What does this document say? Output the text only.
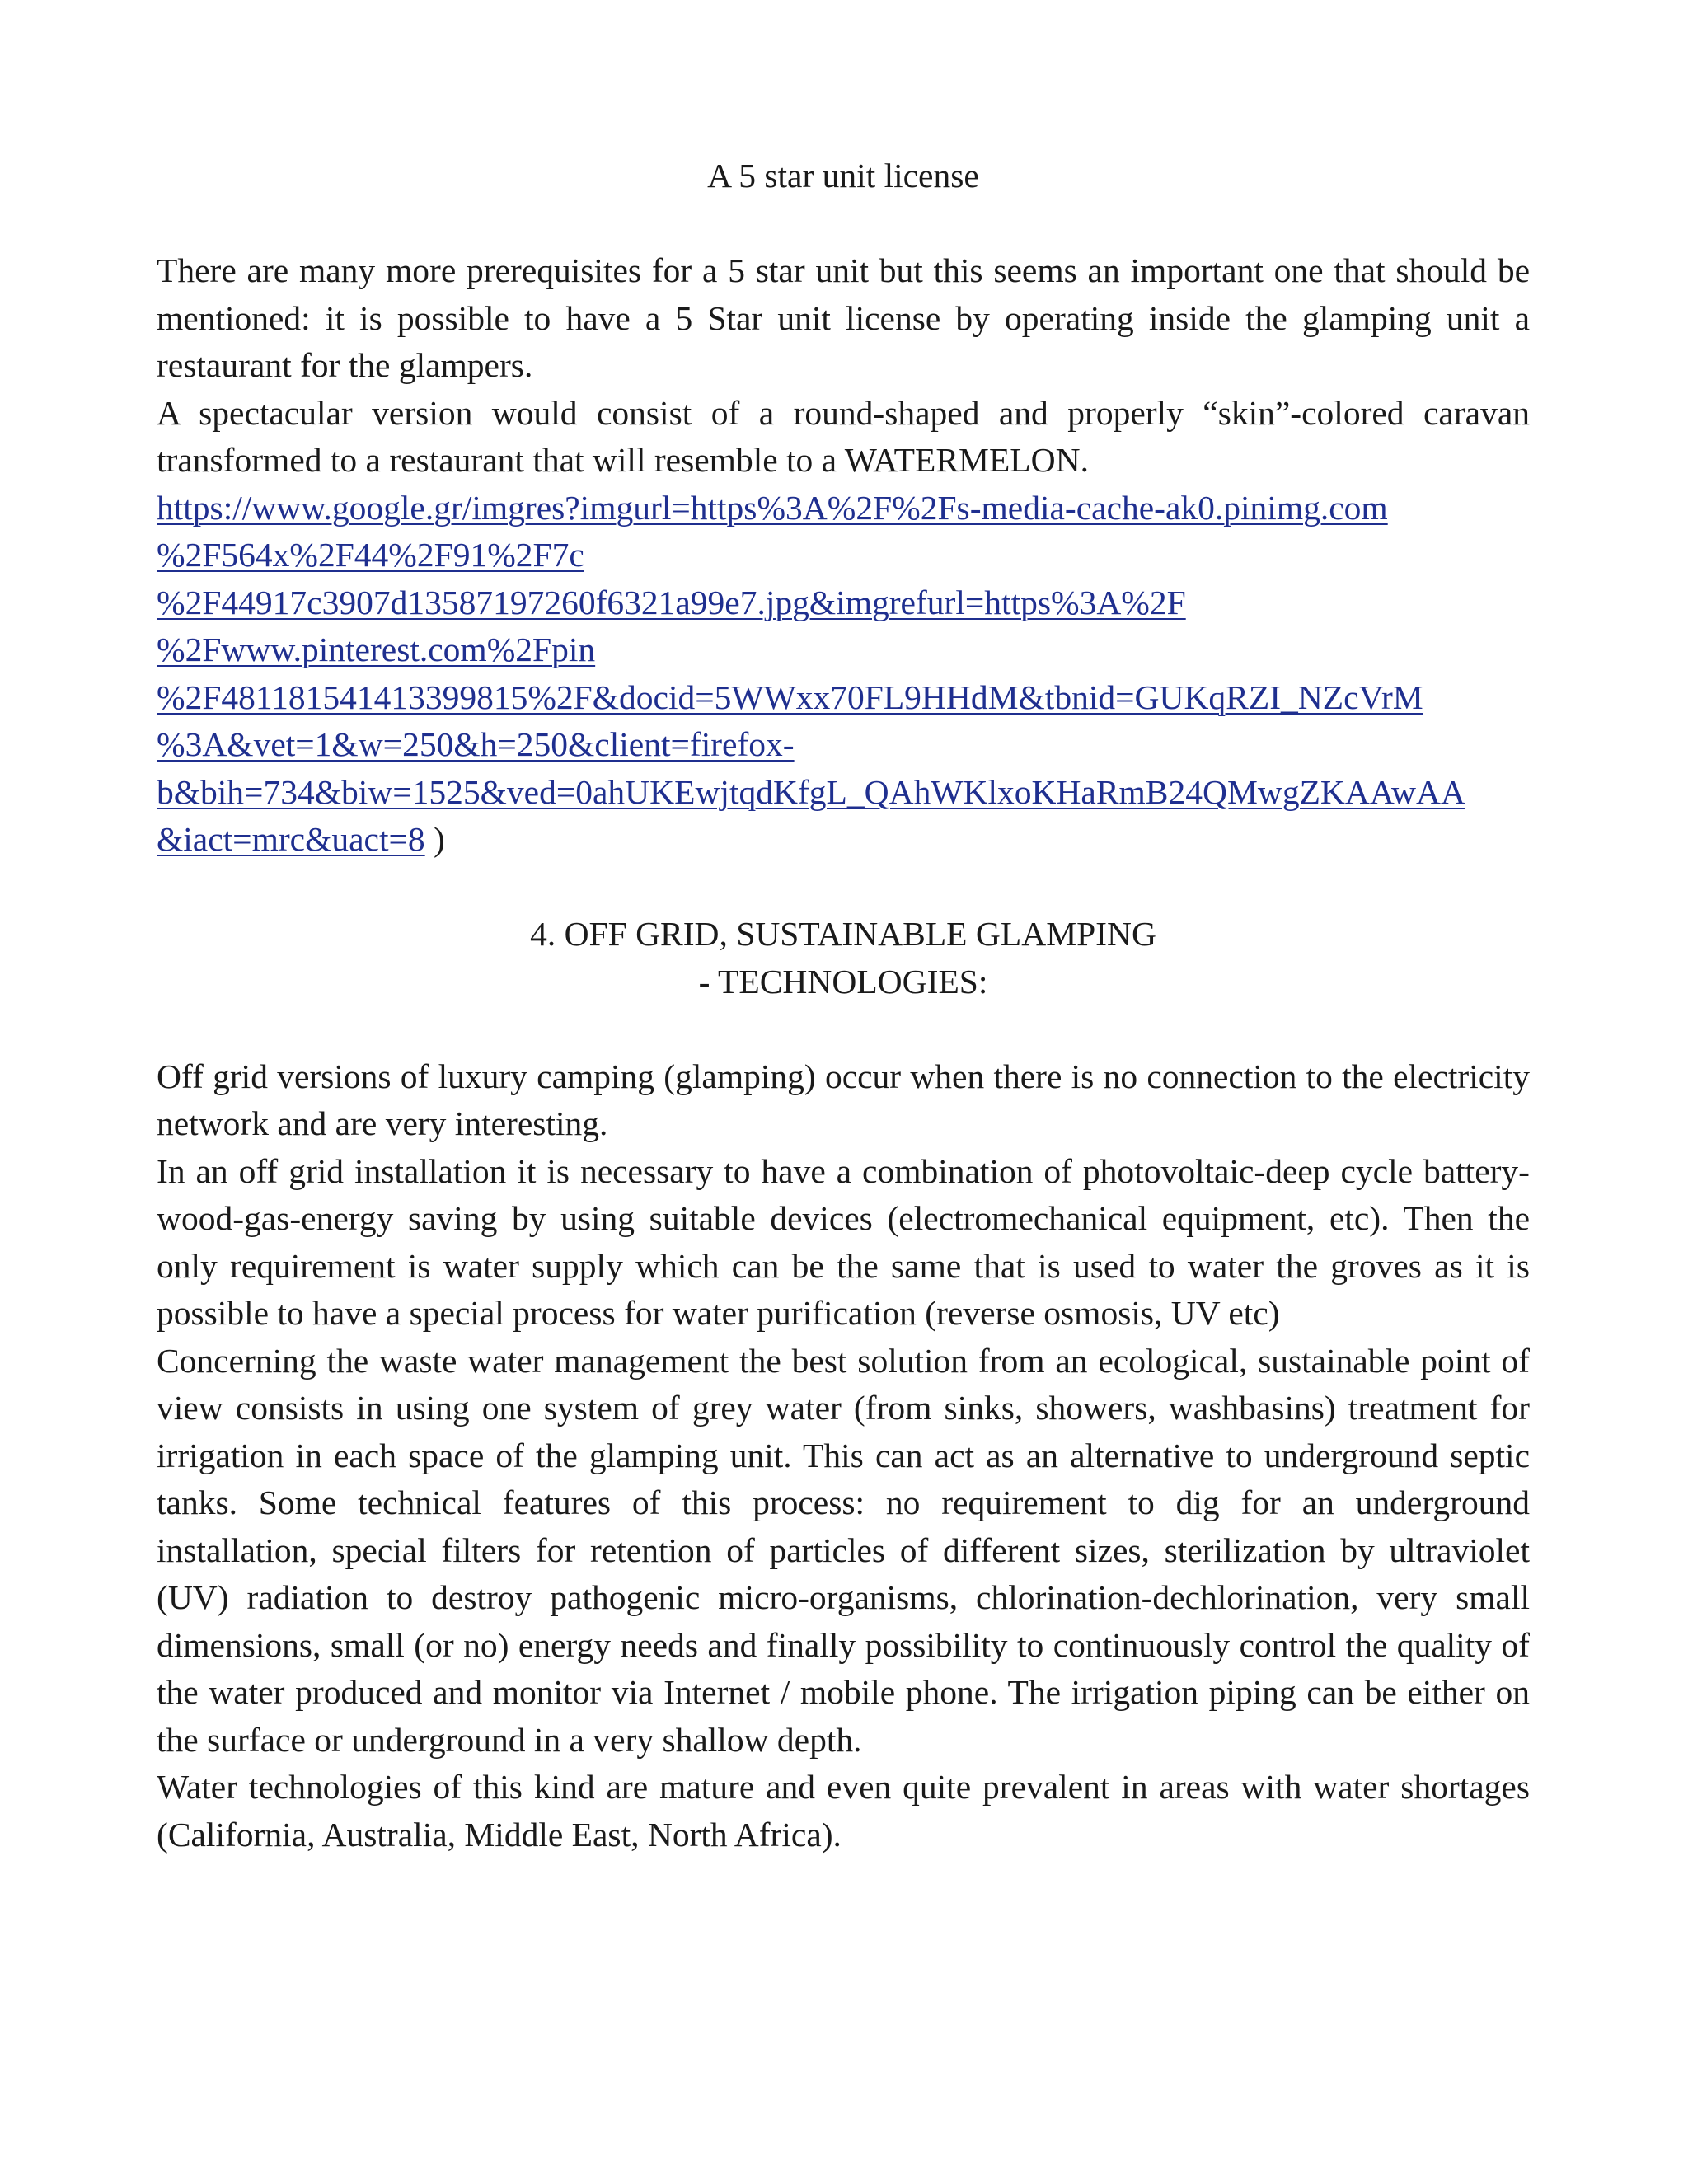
A 5 star unit license

There are many more prerequisites for a 5 star unit but this seems an important one that should be mentioned: it is possible to have a 5 Star unit license by operating inside the glamping unit a restaurant for the glampers.

A spectacular version would consist of a round-shaped and properly “skin”-colored caravan transformed to a restaurant that will resemble to a WATERMELON.

https://www.google.gr/imgres?imgurl=https%3A%2F%2Fs-media-cache-ak0.pinimg.com
%2F564x%2F44%2F91%2F7c
%2F44917c3907d13587197260f6321a99e7.jpg&imgrefurl=https%3A%2F
%2Fwww.pinterest.com%2Fpin
%2F481181541413399815%2F&docid=5WWxx70FL9HHdM&tbnid=GUKqRZI_NZcVrM
%3A&vet=1&w=250&h=250&client=firefox-
b&bih=734&biw=1525&ved=0ahUKEwjtqdKfgL_QAhWKlxoKHaRmB24QMwgZKAAwAA
&iact=mrc&uact=8 )
4. OFF GRID, SUSTAINABLE GLAMPING
- TECHNOLOGIES:

Off grid versions of luxury camping (glamping) occur when there is no connection to the electricity network and are very interesting.

In an off grid installation it is necessary to have a combination of photovoltaic-deep cycle battery-wood-gas-energy saving by using suitable devices (electromechanical equipment, etc). Then the only requirement is water supply which can be the same that is used to water the groves as it is possible to have a special process for water purification (reverse osmosis, UV etc)

Concerning the waste water management the best solution from an ecological, sustainable point of view consists in using one system of grey water (from sinks, showers, washbasins) treatment for irrigation in each space of the glamping unit. This can act as an alternative to underground septic tanks. Some technical features of this process: no requirement to dig for an underground installation, special filters for retention of particles of different sizes, sterilization by ultraviolet (UV) radiation to destroy pathogenic micro-organisms, chlorination-dechlorination, very small dimensions, small (or no) energy needs and finally possibility to continuously control the quality of the water produced and monitor via Internet / mobile phone. The irrigation piping can be either on the surface or underground in a very shallow depth.

Water technologies of this kind are mature and even quite prevalent in areas with water shortages (California, Australia, Middle East, North Africa).
